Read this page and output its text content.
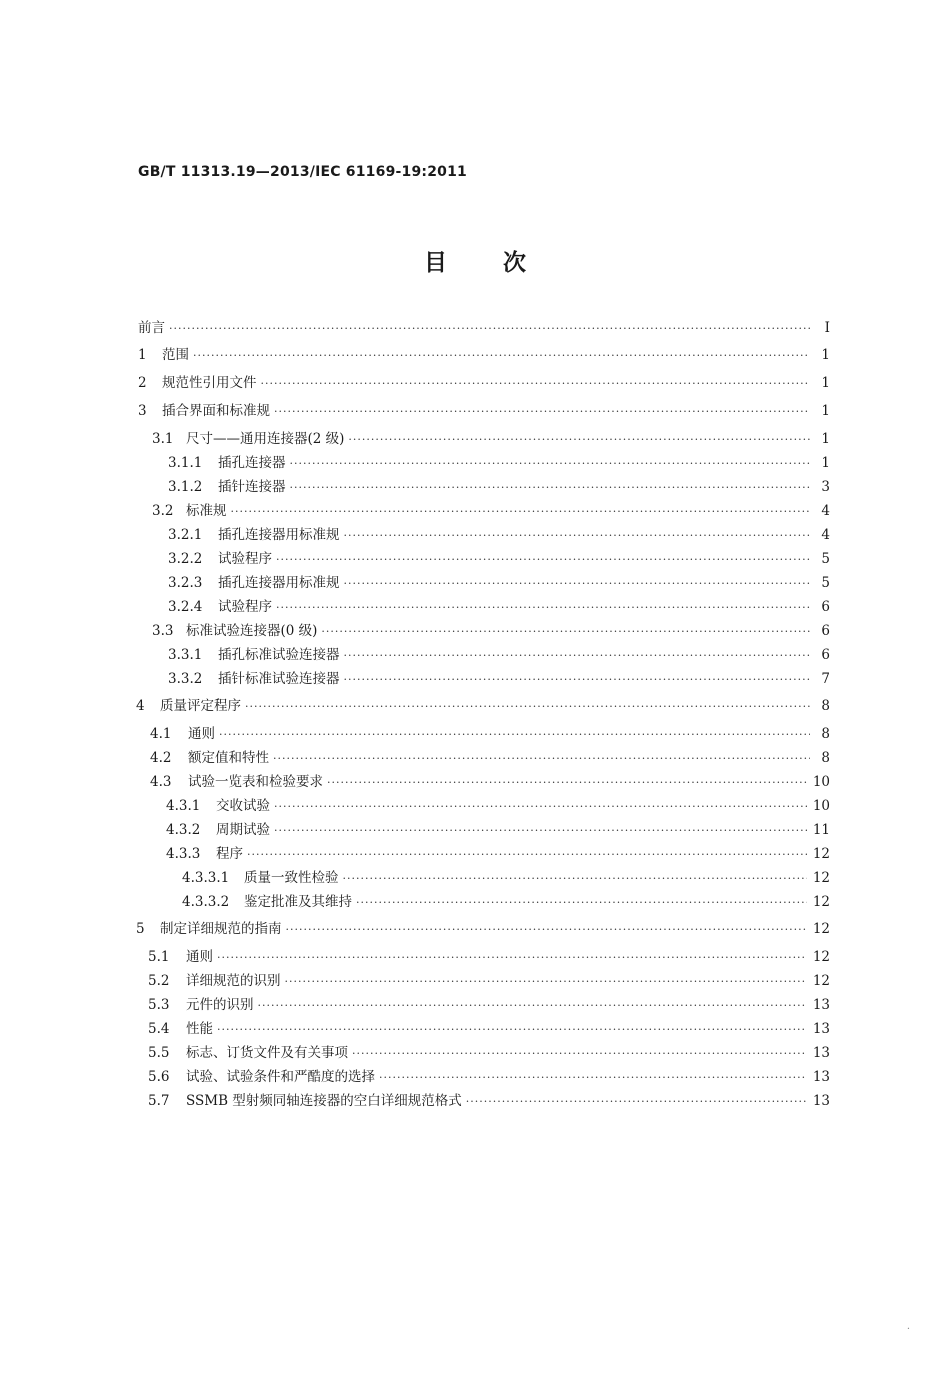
GB/T 11313.19—2013/IEC 61169-19:2011
目次
前言 ·····	I
1	范围 ·····	1
2	规范性引用文件 ·····	1
3	插合界面和标准规 ·····	1
3.1 尺寸——通用连接器(2 级) ·····	1
3.1.1	插孔连接器 ·····	1
3.1.2	插针连接器 ·····	3
3.2 标准规 ·····	4
3.2.1	插孔连接器用标准规 ·····	4
3.2.2	试验程序 ·····	5
3.2.3	插孔连接器用标准规 ·····	5
3.2.4	试验程序 ·····	6
3.3 标准试验连接器(0 级) ·····	6
3.3.1	插孔标准试验连接器 ·····	6
3.3.2	插针标准试验连接器 ·····	7
4	质量评定程序 ·····	8
4.1	通则 ·····	8
4.2	额定值和特性 ·····	8
4.3	试验一览表和检验要求 ·····	10
4.3.1	交收试验 ·····	10
4.3.2	周期试验 ·····	11
4.3.3	程序 ·····	12
4.3.3.1	质量一致性检验 ·····	12
4.3.3.2	鉴定批准及其维持 ·····	12
5	制定详细规范的指南 ·····	12
5.1	通则 ·····	12
5.2	详细规范的识别 ·····	12
5.3	元件的识别 ·····	13
5.4	性能 ·····	13
5.5	标志、订货文件及有关事项 ·····	13
5.6	试验、试验条件和严酷度的选择 ·····	13
5.7	SSMB 型射频同轴连接器的空白详细规范格式 ·····	13
·
